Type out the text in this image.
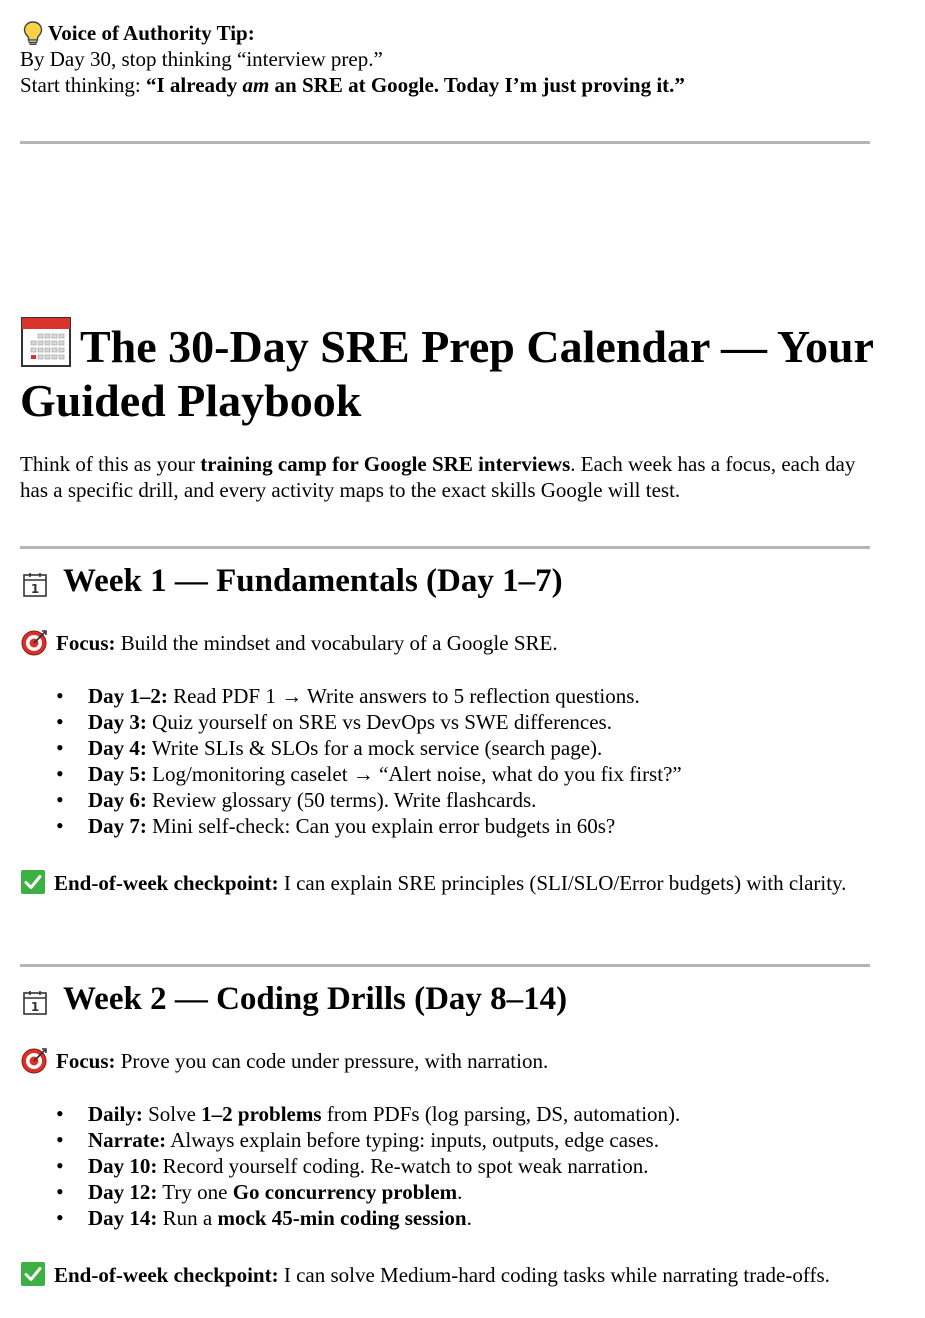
Voice of Authority Tip:
By Day 30, stop thinking “interview prep.”
Start thinking: “I already am an SRE at Google. Today I’m just proving it.”
The 30-Day SRE Prep Calendar — Your Guided Playbook

Think of this as your training camp for Google SRE interviews. Each week has a focus, each day has a specific drill, and every activity maps to the exact skills Google will test.

1 Week 1 — Fundamentals (Day 1–7)

Focus: Build the mindset and vocabulary of a Google SRE.

• Day 1–2: Read PDF 1 → Write answers to 5 reflection questions.
• Day 3: Quiz yourself on SRE vs DevOps vs SWE differences.
• Day 4: Write SLIs & SLOs for a mock service (search page).
• Day 5: Log/monitoring caselet → “Alert noise, what do you fix first?”
• Day 6: Review glossary (50 terms). Write flashcards.
• Day 7: Mini self-check: Can you explain error budgets in 60s?

End-of-week checkpoint: I can explain SRE principles (SLI/SLO/Error budgets) with clarity.

1 Week 2 — Coding Drills (Day 8–14)

Focus: Prove you can code under pressure, with narration.

• Daily: Solve 1–2 problems from PDFs (log parsing, DS, automation).
• Narrate: Always explain before typing: inputs, outputs, edge cases.
• Day 10: Record yourself coding. Re-watch to spot weak narration.
• Day 12: Try one Go concurrency problem.
• Day 14: Run a mock 45-min coding session.

End-of-week checkpoint: I can solve Medium-hard coding tasks while narrating trade-offs.
